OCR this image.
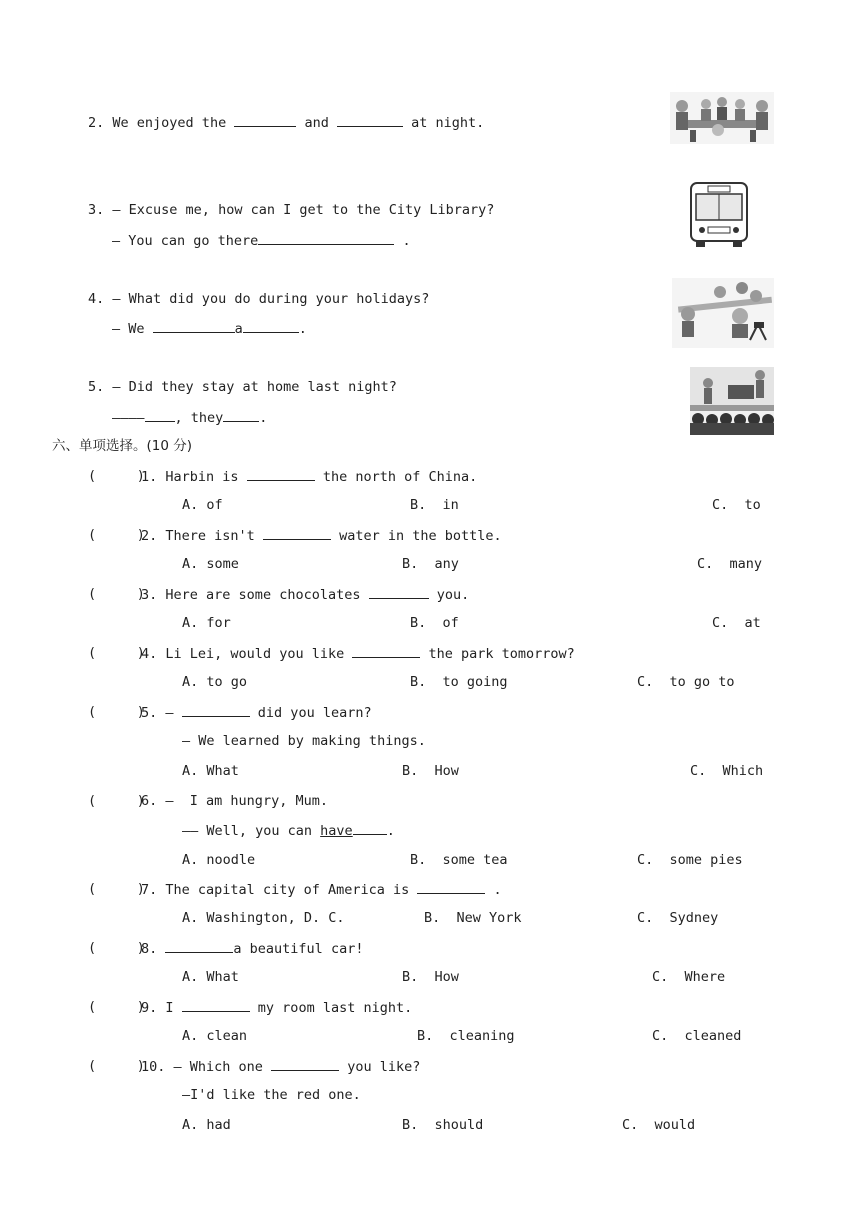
2. We enjoyed the	and	at night.
3. — Excuse me, how can I get to the City Library?
— You can go there	.
4. — What did you do during your holidays?
— We	a	.
5. — Did they stay at home last night?
———— , they	.
六、单项选择。(10 分)
(     )
1. Harbin is	the north of China.
A. of	B.  in	C.  to
(     )
2. There isn't	water in the bottle.
A. some	B.  any	C.  many
(     )
3. Here are some chocolates	you.
A. for	B.  of	C.  at
(     )
4. Li Lei, would you like	the park tomorrow?
A. to go	B.  to going	C.  to go to
(     )
5. —	did you learn?
— We learned by making things.
A. What	B.  How	C.  Which
(     )
6. —  I am hungry, Mum.
—— Well, you can have	.
A. noodle	B.  some tea	C.  some pies
(     )
7. The capital city of America is	.
A. Washington, D. C.	B.  New York	C.  Sydney
(     )
8.	a beautiful car!
A. What	B.  How	C.  Where
(     )
9. I	my room last night.
A. clean	B.  cleaning	C.  cleaned
(     )
10. — Which one	you like?
—I'd like the red one.
A. had	B.  should	C.  would
